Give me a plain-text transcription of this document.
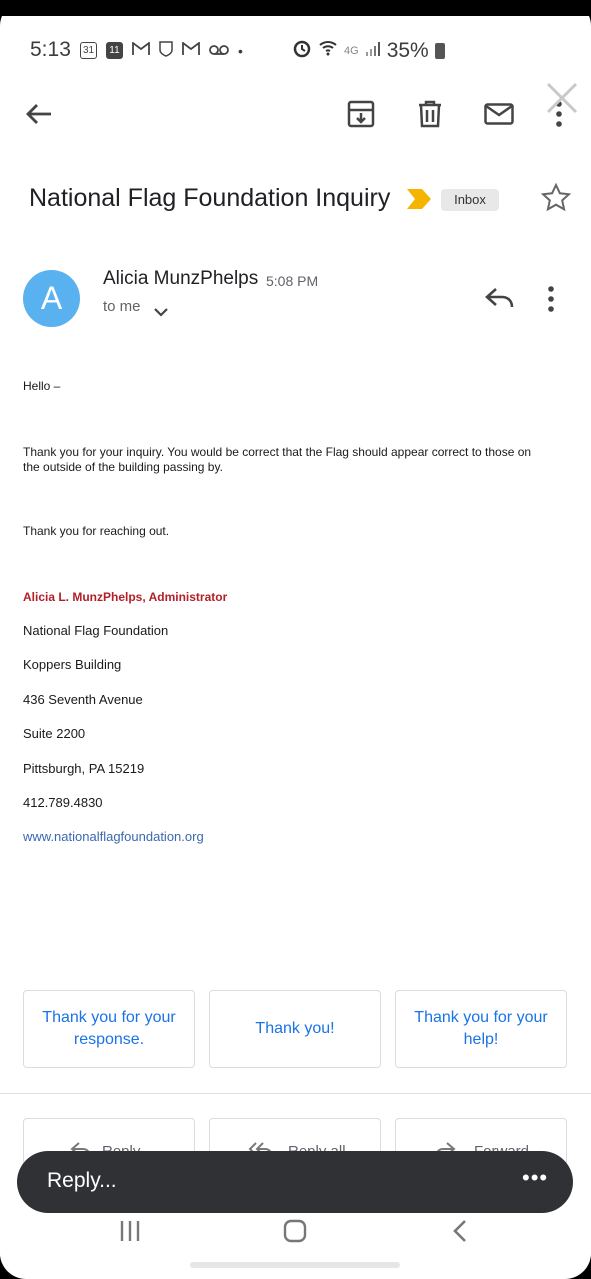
5:13 31	11	•	4G 35%
National Flag Foundation Inquiry	Inbox
A
Alicia MunzPhelps 5:08 PM
to me
Hello –
Thank you for your inquiry. You would be correct that the Flag should appear correct to those on
the outside of the building passing by.
Thank you for reaching out.
Alicia L. MunzPhelps, Administrator
National Flag Foundation
Koppers Building
436 Seventh Avenue
Suite 2200
Pittsburgh, PA 15219
412.789.4830
www.nationalflagfoundation.org
Thank you for your response.
Thank you!
Thank you for your help!
Reply...	•••
